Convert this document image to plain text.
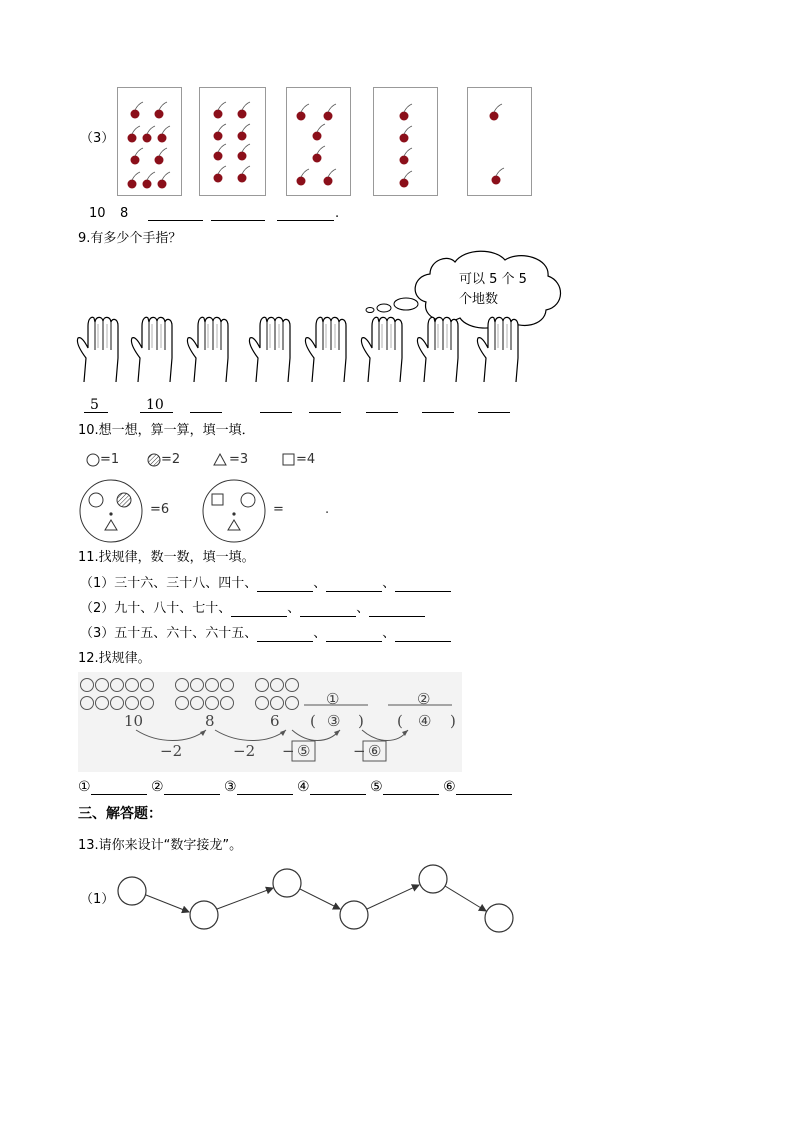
（3）
10 8	.
9.有多少个手指？
可以 5 个 5
个地数
5	10
10.想一想，算一算，填一填．
=1	=2	=3	=4
=6	=	.
11.找规律，数一数，填一填。
（1）三十六、三十八、四十、	、	、
（2）九十、八十、七十、	、	、
（3）五十五、六十、六十五、	、	、
12.找规律。
10	8	6
①	②
( ③ ) ( ④ )
−2	−2 − ⑤	− ⑥
①	②	③	④	⑤	⑥
三、解答题：
13.请你来设计“数字接龙”。
（1）
